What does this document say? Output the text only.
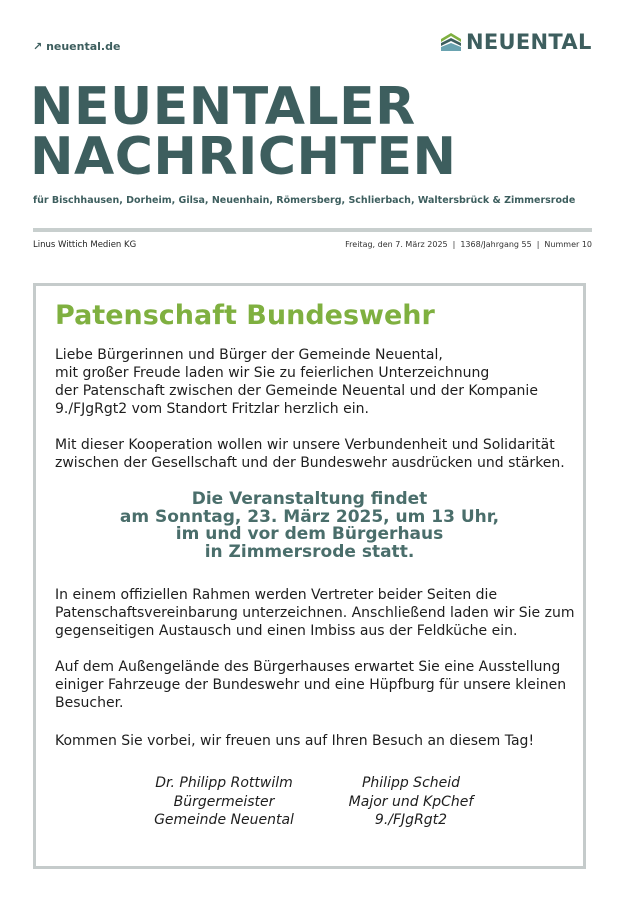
↗ neuental.de	NEUENTAL
NEUENTALER
NACHRICHTEN
für Bischhausen, Dorheim, Gilsa, Neuenhain, Römersberg, Schlierbach, Waltersbrück & Zimmersrode
Linus Wittich Medien KG	Freitag, den 7. März 2025 | 1368/Jahrgang 55 | Nummer 10
Patenschaft Bundeswehr
Liebe Bürgerinnen und Bürger der Gemeinde Neuental,
mit großer Freude laden wir Sie zu feierlichen Unterzeichnung
der Patenschaft zwischen der Gemeinde Neuental und der Kompanie
9./FJgRgt2 vom Standort Fritzlar herzlich ein.
Mit dieser Kooperation wollen wir unsere Verbundenheit und Solidarität
zwischen der Gesellschaft und der Bundeswehr ausdrücken und stärken.
Die Veranstaltung findet
am Sonntag, 23. März 2025, um 13 Uhr,
im und vor dem Bürgerhaus
in Zimmersrode statt.
In einem offiziellen Rahmen werden Vertreter beider Seiten die
Patenschaftsvereinbarung unterzeichnen. Anschließend laden wir Sie zum
gegenseitigen Austausch und einen Imbiss aus der Feldküche ein.
Auf dem Außengelände des Bürgerhauses erwartet Sie eine Ausstellung
einiger Fahrzeuge der Bundeswehr und eine Hüpfburg für unsere kleinen
Besucher.
Kommen Sie vorbei, wir freuen uns auf Ihren Besuch an diesem Tag!
Dr. Philipp Rottwilm
Bürgermeister
Gemeinde Neuental
Philipp Scheid
Major und KpChef
9./FJgRgt2
